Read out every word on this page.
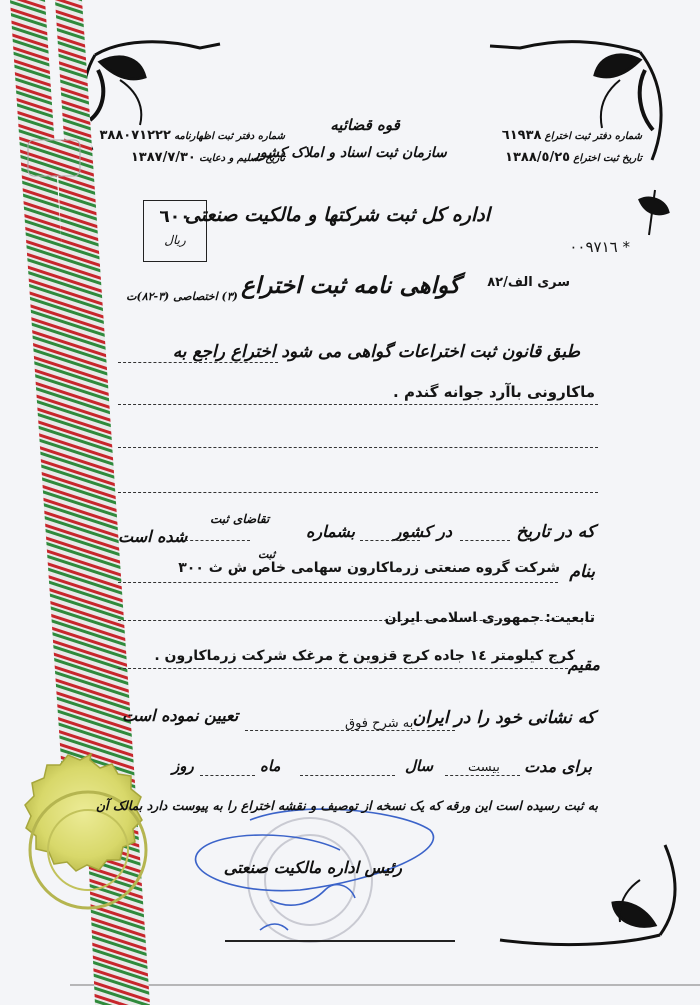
٦٠٠
ریال
قوه قضائیه
سازمان ثبت اسناد و املاک کشور
اداره کل ثبت شرکتها و مالکیت صنعتی
گواهی نامه ثبت اختراع
شماره دفتر ثبت اختراع ٦١٩٣٨
تاریخ ثبت اختراع ١٣٨٨/٥/٢٥
شماره دفتر ثبت اظهارنامه ٣٨٨٠٧١٢٢٢
تاریخ تسلیم و دعایت ١٣٨٧/٧/٣٠
(٣) اختصاصی (٣-٨٢)ت
* ٠٠٩٧١٦
سری الف/٨٢
طبق قانون ثبت اختراعات گواهی می شود اختراع راجع به
ماکارونی باآرد جوانه گندم .
که در تاریخ
در کشور
بشماره
تقاضای ثبت
شده است
بنام
شرکت گروه صنعتی زرماکارون سهامی خاص ش ث ٣٠٠
ثبت
تابعیت: جمهوری اسلامی ایران
مقیم
کرج کیلومتر ١٤ جاده کرج قزوین خ مرغک شرکت زرماکارون .
که نشانی خود را در ایران
به شرح فوق
تعیین نموده است
برای مدت
بیست
سال
ماه
روز
به ثبت رسیده است این ورقه که یک نسخه از توصیف و نقشه اختراع را به پیوست دارد بمالک آن
رئیس اداره مالکیت صنعتی
